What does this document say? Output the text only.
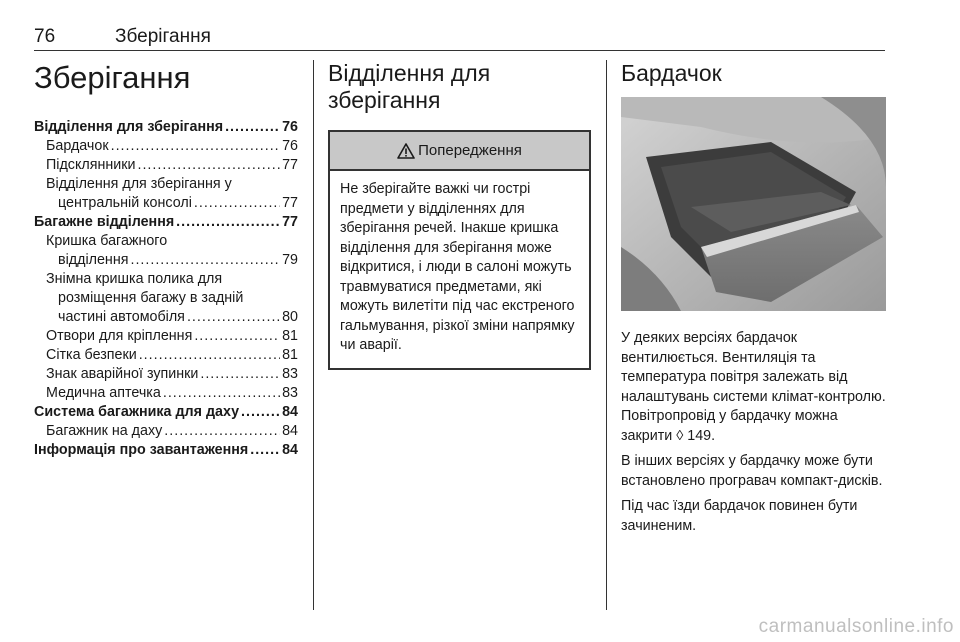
76	Зберігання
Зберігання
Відділення для зберігання .....	76
Бардачок .....	76
Підсклянники .....	77
Відділення для зберігання у
центральній консолі .....	77
Багажне відділення .....	77
Кришка багажного
відділення .....	79
Знімна кришка полика для розміщення багажу в задній
частині автомобіля .....	80
Отвори для кріплення .....	81
Сітка безпеки .....	81
Знак аварійної зупинки .....	83
Медична аптечка .....	83
Система багажника для даху .....	84
Багажник на даху .....	84
Інформація про завантаження ..... 84
Відділення для зберігання
Попередження
Не зберігайте важкі чи гострі предмети у відділеннях для зберігання речей. Інакше кришка відділення для зберігання може відкритися, і люди в салоні можуть травмуватися предметами, які можуть вилетіти під час екстреного гальмування, різкої зміни напрямку чи аварії.
Бардачок

У деяких версіях бардачок вентилюється. Вентиляція та температура повітря залежать від налаштувань системи клімат-контролю. Повітропровід у бардачку можна закрити ◊ 149.

В інших версіях у бардачку може бути встановлено програвач компакт-дисків.

Під час їзди бардачок повинен бути зачиненим.

carmanualsonline.info
